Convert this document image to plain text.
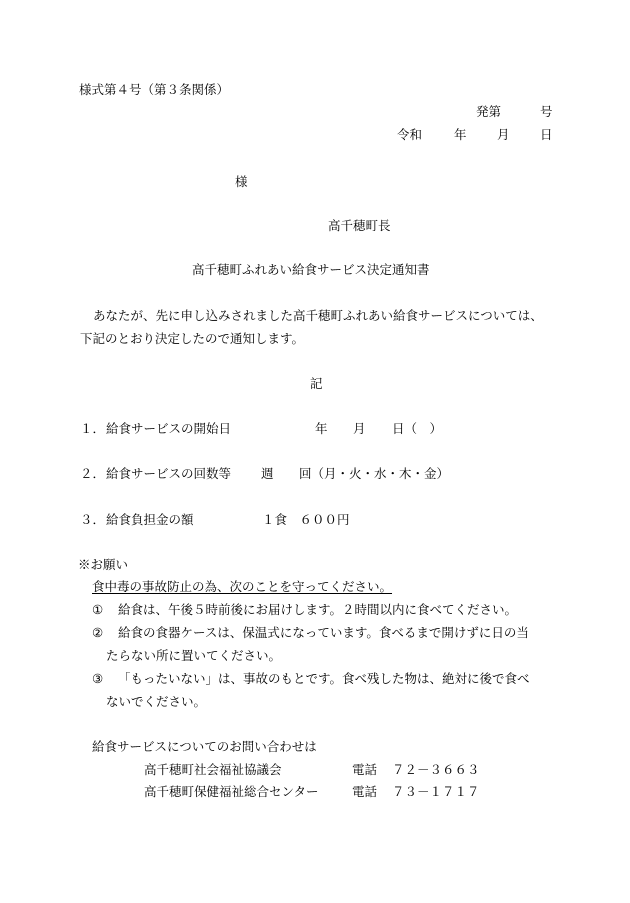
様式第４号（第３条関係）
発第	号
令和	年 月 日
様
高千穂町長
高千穂町ふれあい給食サービス決定通知書
あなたが、先に申し込みされました高千穂町ふれあい給食サービスについては、
下記のとおり決定したので通知します。
記
１． 給食サービスの開始日	年 月 日（　）
２． 給食サービスの回数等 週 回（月・火・水・木・金）
３． 給食負担金の額	１食　６００円
※お願い
食中毒の事故防止の為、次のことを守ってください。
① 給食は、午後５時前後にお届けします。２時間以内に食べてください。
② 給食の食器ケースは、保温式になっています。食べるまで開けずに日の当
たらない所に置いてください。
③ 「もったいない」は、事故のもとです。食べ残した物は、絶対に後で食べ
ないでください。
給食サービスについてのお問い合わせは
高千穂町社会福祉協議会	電話 ７２－３６６３
高千穂町保健福祉総合センター	電話 ７３－１７１７
